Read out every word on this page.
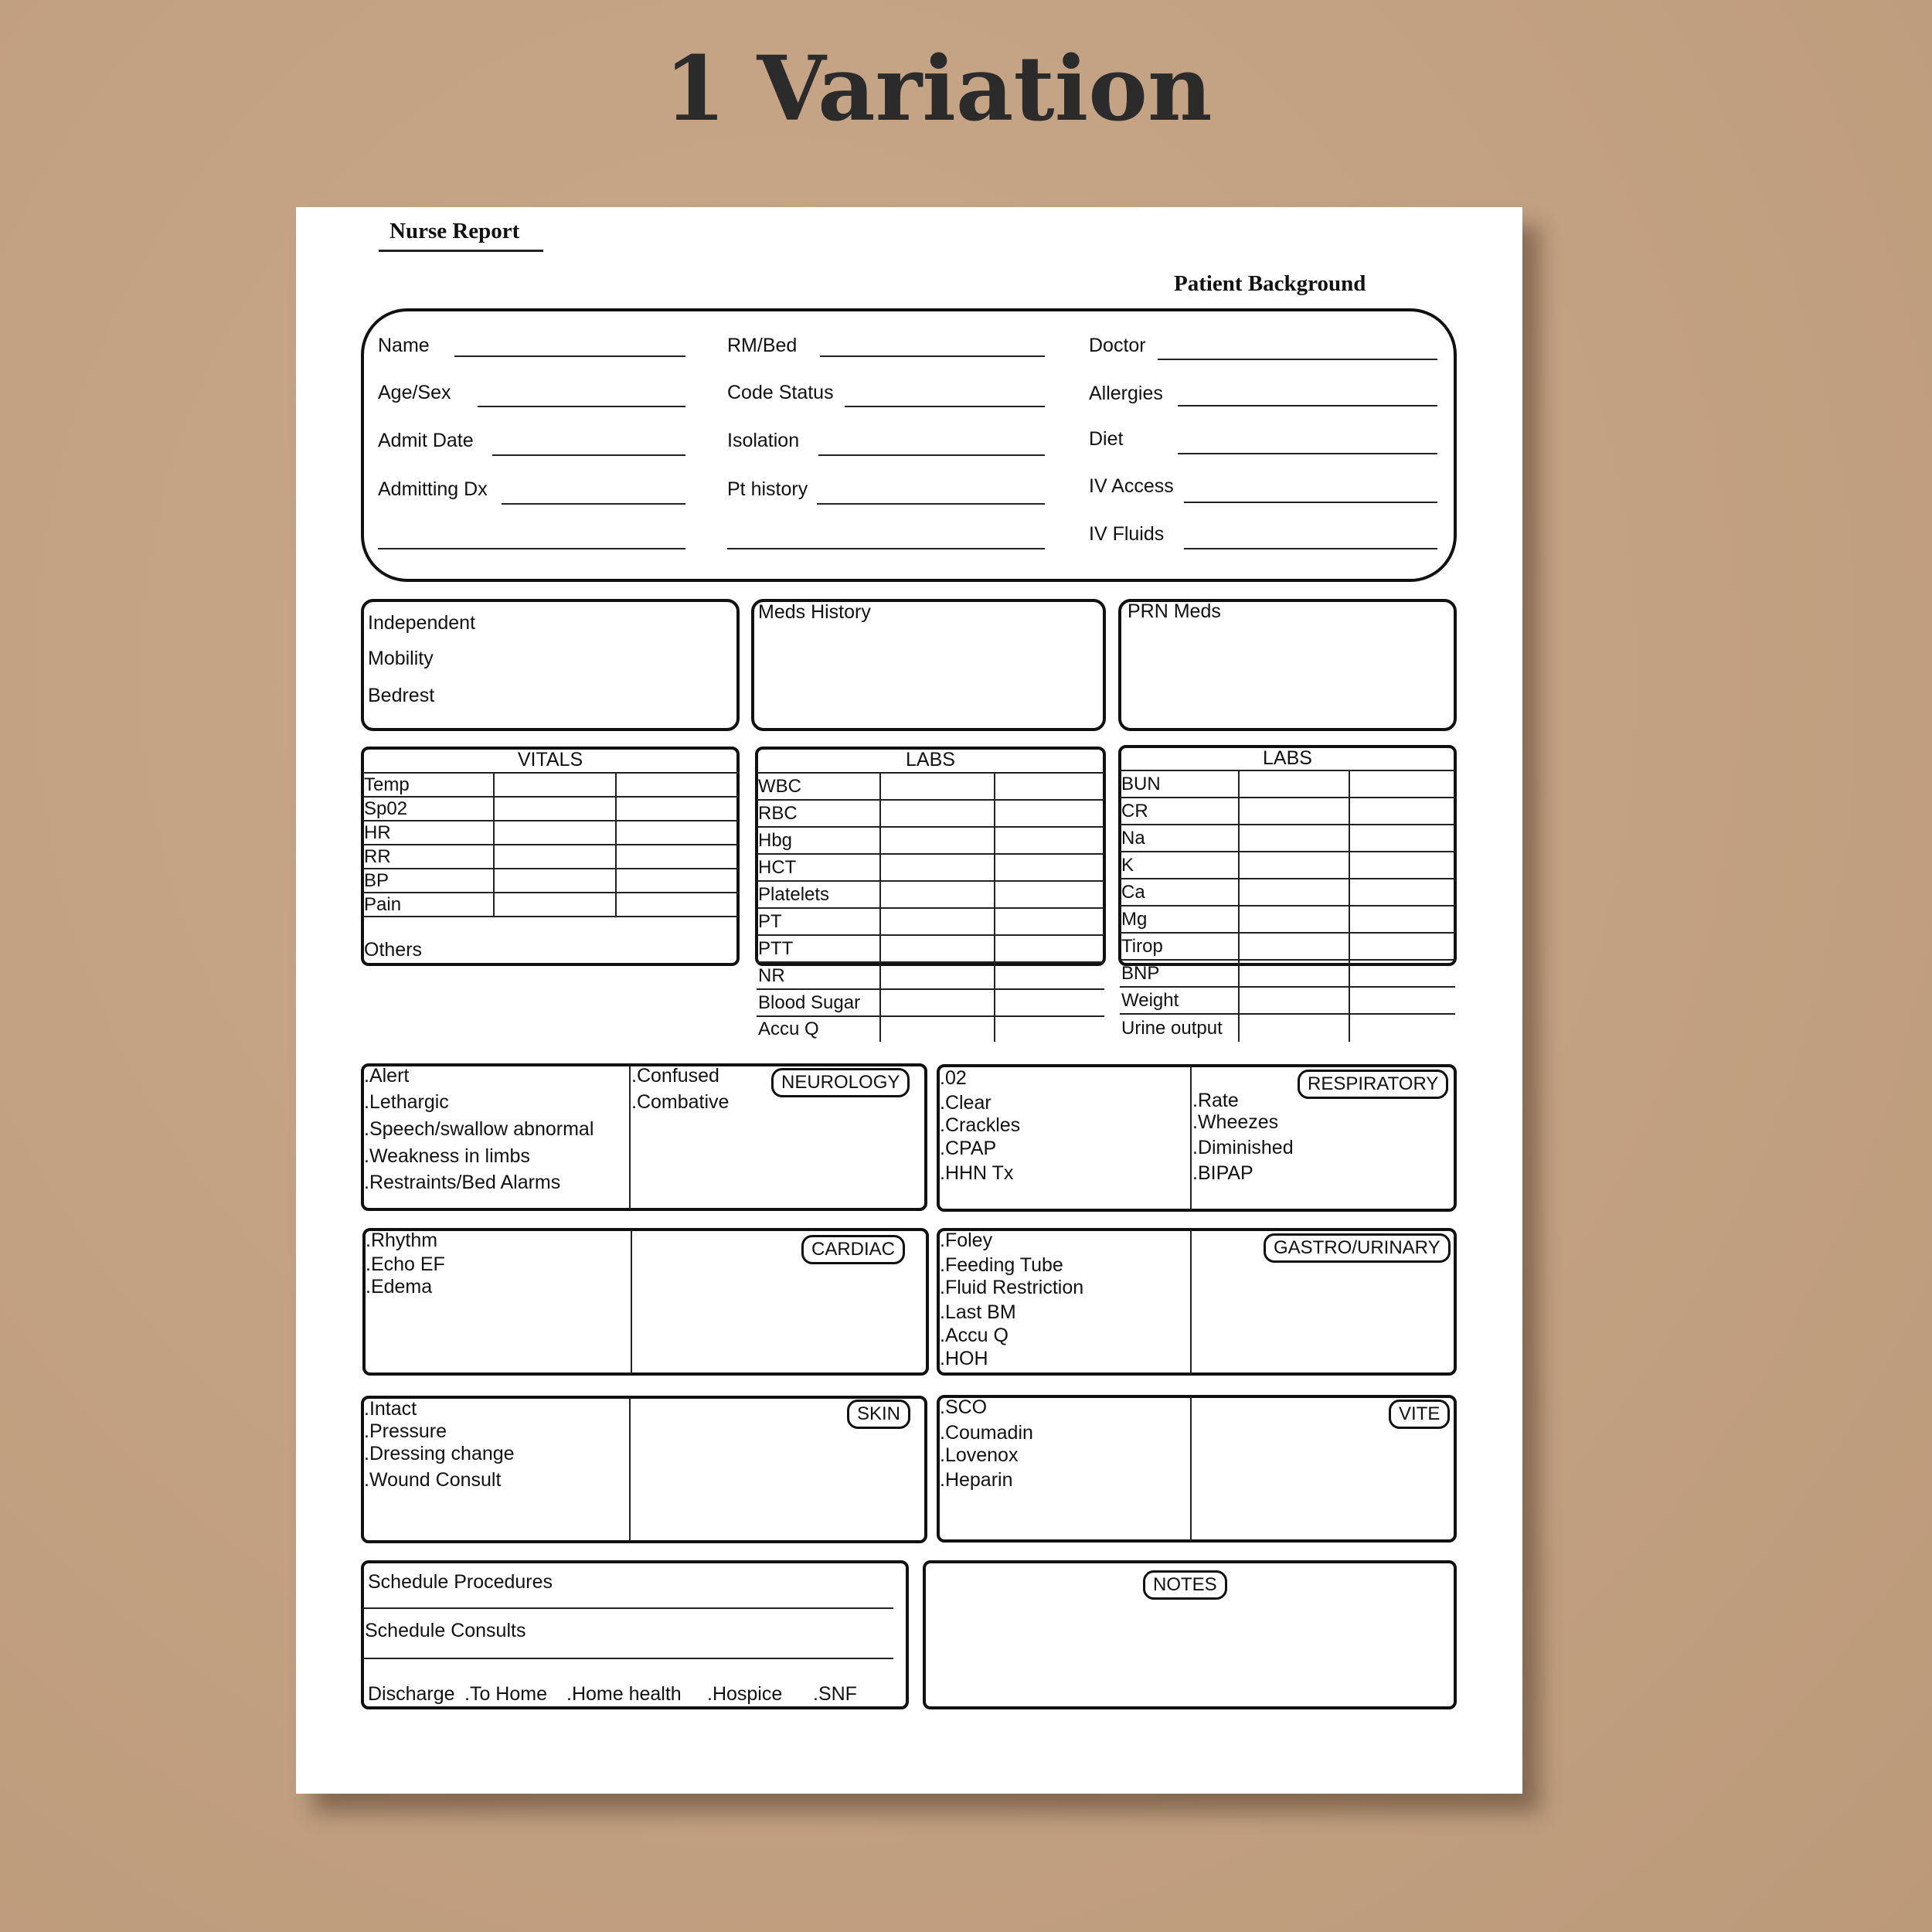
1 Variation
Nurse Report
Patient Background
Name
Age/Sex
Admit Date
Admitting Dx
RM/Bed
Code Status
Isolation
Pt history
Doctor
Allergies
Diet
IV Access
IV Fluids
Independent
Mobility
Bedrest
Meds History	PRN Meds
VITALS
Temp		
Sp02		
HR		
RR		
BP		
Pain		
Others
LABS
WBC		
RBC		
Hbg		
HCT		
Platelets		
PT		
PTT		
NR		
Blood Sugar		
Accu Q		
LABS
BUN		
CR		
Na		
K		
Ca		
Mg		
Tirop		
BNP		
Weight		
Urine output		
NEUROLOGY
.Alert
.Lethargic
.Speech/swallow abnormal
.Weakness in limbs
.Restraints/Bed Alarms
.Confused
.Combative
RESPIRATORY
.02
.Clear
.Crackles
.CPAP
.HHN Tx
.Rate
.Wheezes
.Diminished
.BIPAP
CARDIAC
.Rhythm
.Echo EF
.Edema
GASTRO/URINARY
.Foley
.Feeding Tube
.Fluid Restriction
.Last BM
.Accu Q
.HOH
SKIN
.Intact
.Pressure
.Dressing change
.Wound Consult
VITE
.SCO
.Coumadin
.Lovenox
.Heparin
Schedule Procedures
Schedule Consults
Discharge .To Home .Home health .Hospice .SNF
NOTES
